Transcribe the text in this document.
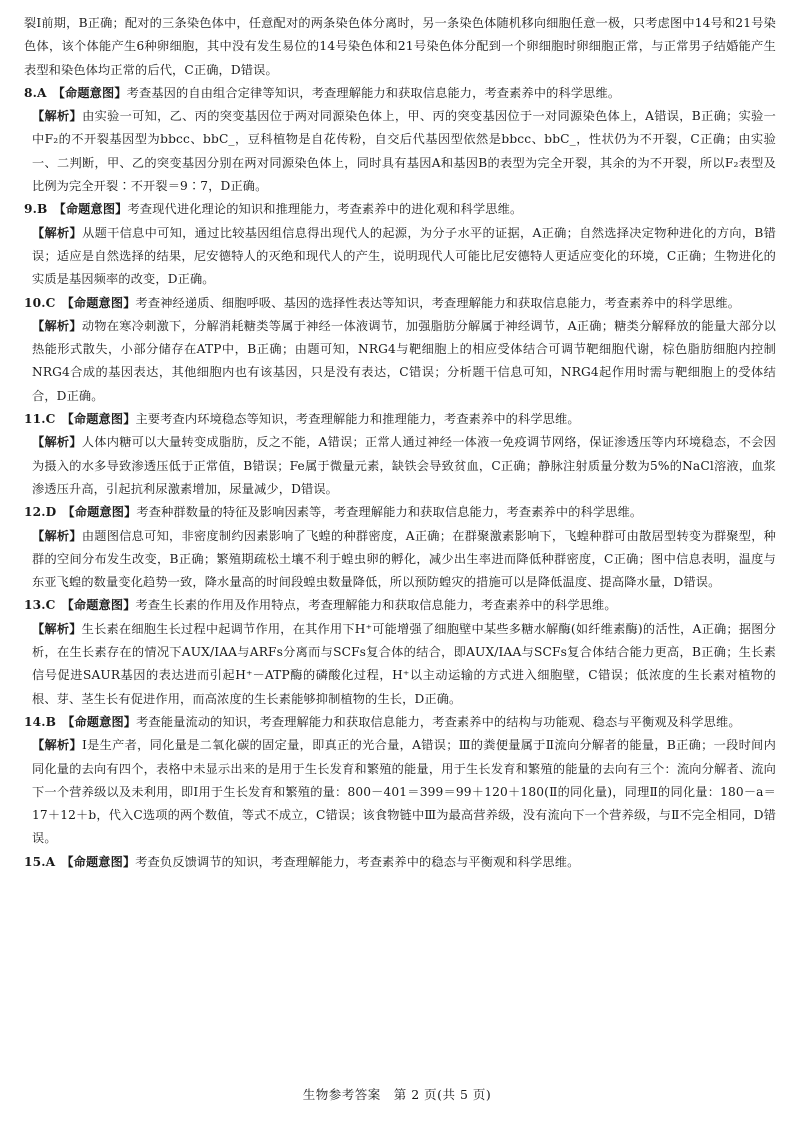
裂Ⅰ前期，B正确；配对的三条染色体中，任意配对的两条染色体分离时，另一条染色体随机移向细胞任意一极，只考虑图中14号和21号染色体，该个体能产生6种卵细胞，其中没有发生易位的14号染色体和21号染色体分配到一个卵细胞时卵细胞正常，与正常男子结婚能产生表型和染色体均正常的后代，C正确，D错误。

8.A 【命题意图】考查基因的自由组合定律等知识，考查理解能力和获取信息能力，考查素养中的科学思维。

【解析】由实验一可知，乙、丙的突变基因位于两对同源染色体上，甲、丙的突变基因位于一对同源染色体上，A错误，B正确；实验一中F₂的不开裂基因型为bbcc、bbC_，豆科植物是自花传粉，自交后代基因型依然是bbcc、bbC_，性状仍为不开裂，C正确；由实验一、二判断，甲、乙的突变基因分别在两对同源染色体上，同时具有基因A和基因B的表型为完全开裂，其余的为不开裂，所以F₂表型及比例为完全开裂∶不开裂＝9∶7，D正确。

9.B 【命题意图】考查现代进化理论的知识和推理能力，考查素养中的进化观和科学思维。

【解析】从题干信息中可知，通过比较基因组信息得出现代人的起源，为分子水平的证据，A正确；自然选择决定物种进化的方向，B错误；适应是自然选择的结果，尼安德特人的灭绝和现代人的产生，说明现代人可能比尼安德特人更适应变化的环境，C正确；生物进化的实质是基因频率的改变，D正确。

10.C 【命题意图】考查神经递质、细胞呼吸、基因的选择性表达等知识，考查理解能力和获取信息能力，考查素养中的科学思维。

【解析】动物在寒冷刺激下，分解消耗糖类等属于神经一体液调节，加强脂肪分解属于神经调节，A正确；糖类分解释放的能量大部分以热能形式散失，小部分储存在ATP中，B正确；由题可知，NRG4与靶细胞上的相应受体结合可调节靶细胞代谢，棕色脂肪细胞内控制NRG4合成的基因表达，其他细胞内也有该基因，只是没有表达，C错误；分析题干信息可知，NRG4起作用时需与靶细胞上的受体结合，D正确。

11.C 【命题意图】主要考查内环境稳态等知识，考查理解能力和推理能力，考查素养中的科学思维。

【解析】人体内糖可以大量转变成脂肪，反之不能，A错误；正常人通过神经一体液一免疫调节网络，保证渗透压等内环境稳态，不会因为摄入的水多导致渗透压低于正常值，B错误；Fe属于微量元素，缺铁会导致贫血，C正确；静脉注射质量分数为5%的NaCl溶液，血浆渗透压升高，引起抗利尿激素增加，尿量减少，D错误。

12.D 【命题意图】考查种群数量的特征及影响因素等，考查理解能力和获取信息能力，考查素养中的科学思维。

【解析】由题图信息可知，非密度制约因素影响了飞蝗的种群密度，A正确；在群聚激素影响下，飞蝗种群可由散居型转变为群聚型，种群的空间分布发生改变，B正确；繁殖期疏松土壤不利于蝗虫卵的孵化，减少出生率进而降低种群密度，C正确；图中信息表明，温度与东亚飞蝗的数量变化趋势一致，降水量高的时间段蝗虫数量降低，所以预防蝗灾的措施可以是降低温度、提高降水量，D错误。

13.C 【命题意图】考查生长素的作用及作用特点，考查理解能力和获取信息能力，考查素养中的科学思维。

【解析】生长素在细胞生长过程中起调节作用，在其作用下H⁺可能增强了细胞壁中某些多糖水解酶(如纤维素酶)的活性，A正确；据图分析，在生长素存在的情况下AUX/IAA与ARFs分离而与SCFs复合体的结合，即AUX/IAA与SCFs复合体结合能力更高，B正确；生长素信号促进SAUR基因的表达进而引起H⁺－ATP酶的磷酸化过程，H⁺以主动运输的方式进入细胞壁，C错误；低浓度的生长素对植物的根、芽、茎生长有促进作用，而高浓度的生长素能够抑制植物的生长，D正确。

14.B 【命题意图】考查能量流动的知识，考查理解能力和获取信息能力，考查素养中的结构与功能观、稳态与平衡观及科学思维。

【解析】Ⅰ是生产者，同化量是二氧化碳的固定量，即真正的光合量，A错误；Ⅲ的粪便量属于Ⅱ流向分解者的能量，B正确；一段时间内同化量的去向有四个，表格中未显示出来的是用于生长发育和繁殖的能量，用于生长发育和繁殖的能量的去向有三个：流向分解者、流向下一个营养级以及未利用，即Ⅰ用于生长发育和繁殖的量：800－401＝399＝99＋120＋180(Ⅱ的同化量)，同理Ⅱ的同化量：180－a＝17＋12＋b，代入C选项的两个数值，等式不成立，C错误；该食物链中Ⅲ为最高营养级，没有流向下一个营养级，与Ⅱ不完全相同，D错误。

15.A 【命题意图】考查负反馈调节的知识，考查理解能力，考查素养中的稳态与平衡观和科学思维。

生物参考答案　第 2 页(共 5 页)
